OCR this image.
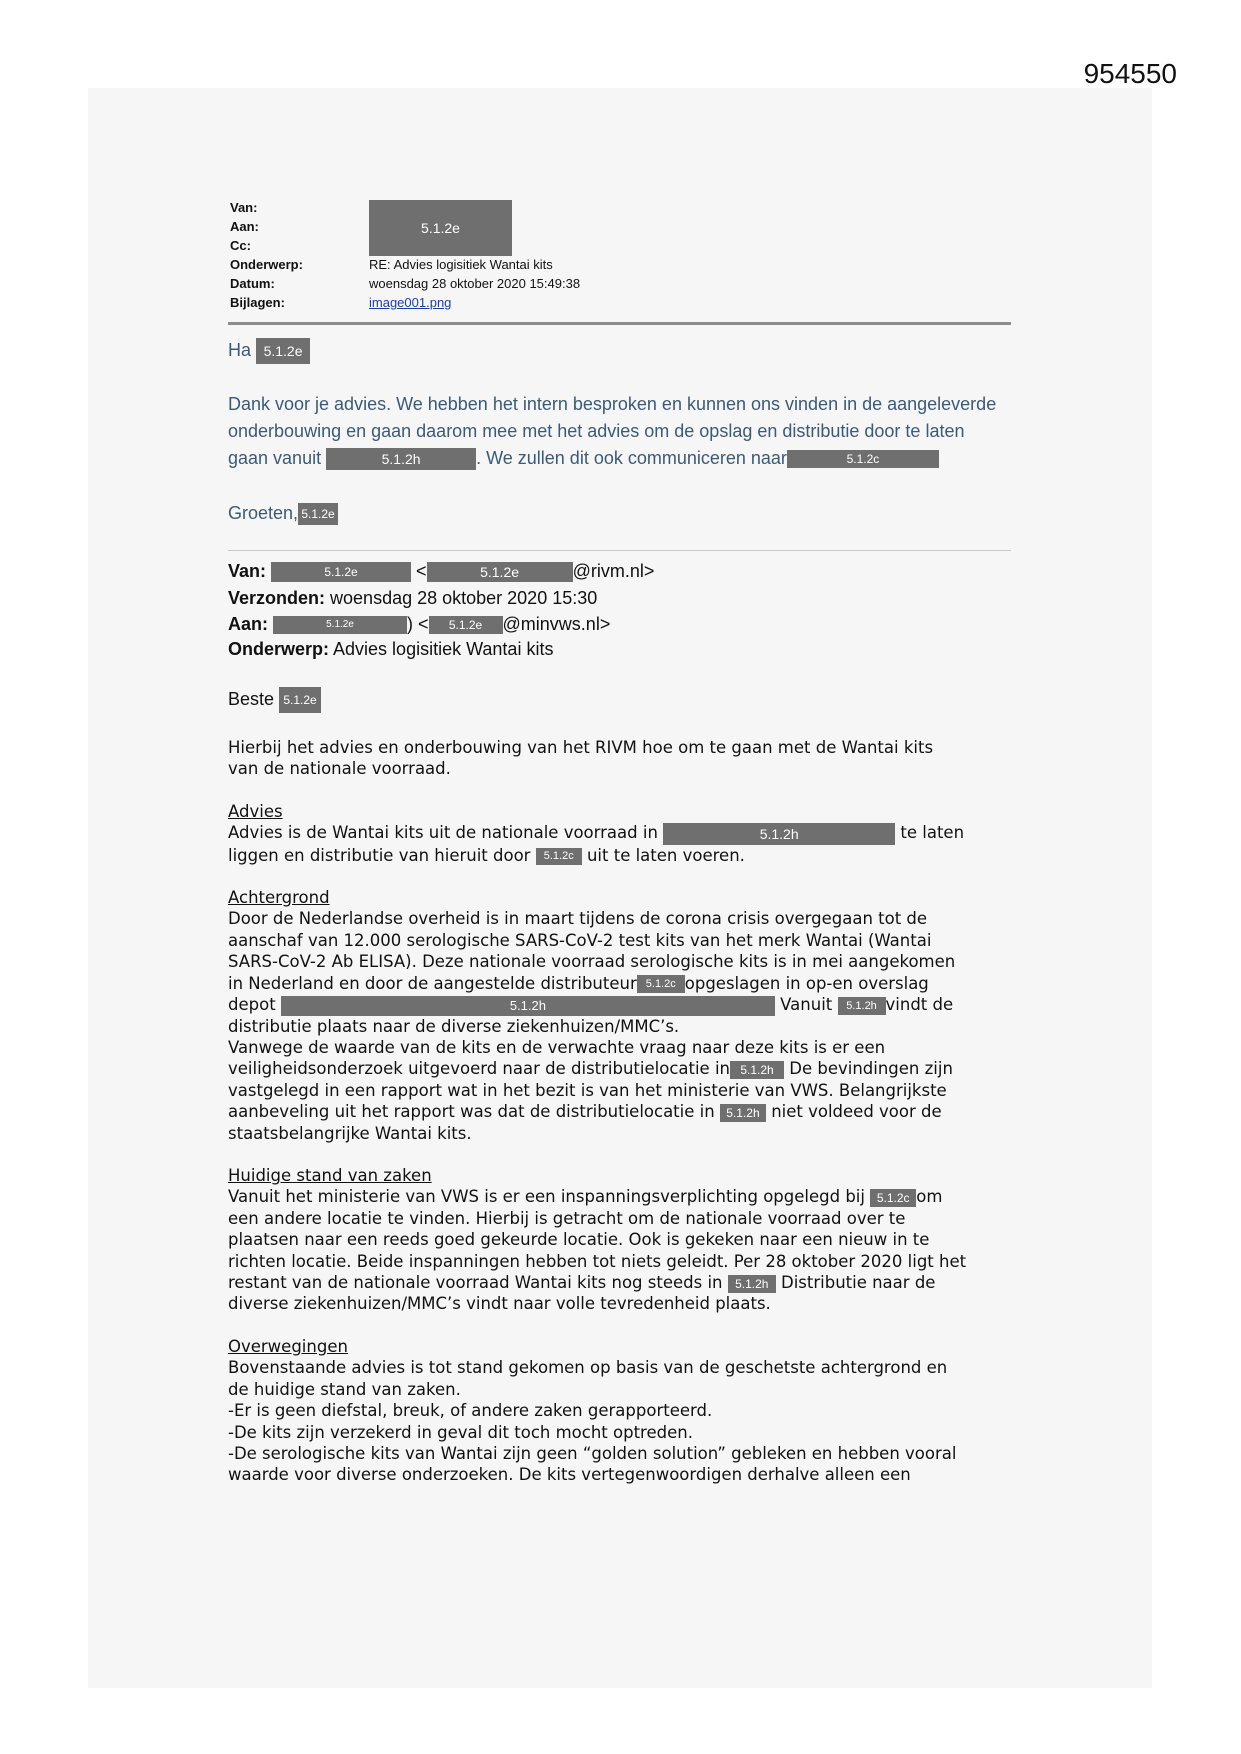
954550
Van:
Aan:
Cc:
Onderwerp:	RE: Advies logisitiek Wantai kits
Datum:	woensdag 28 oktober 2020 15:49:38
Bijlagen:	image001.png
5.1.2e

Ha 5.1.2e

Dank voor je advies. We hebben het intern besproken en kunnen ons vinden in de aangeleverde

onderbouwing en gaan daarom mee met het advies om de opslag en distributie door te laten

gaan vanuit	5.1.2h	. We zullen dit ook communiceren naar	5.1.2c

Groeten, 5.1.2e

Van:	5.1.2e	<	5.1.2e	@rivm.nl>
Verzonden: woensdag 28 oktober 2020 15:30
Aan:	5.1.2e	) < 5.1.2e @minvws.nl>
Onderwerp: Advies logisitiek Wantai kits
Beste 5.1.2e

Hierbij het advies en onderbouwing van het RIVM hoe om te gaan met de Wantai kits

van de nationale voorraad.

Advies

Advies is de Wantai kits uit de nationale voorraad in	5.1.2h	te laten

liggen en distributie van hieruit door 5.1.2c uit te laten voeren.

Achtergrond

Door de Nederlandse overheid is in maart tijdens de corona crisis overgegaan tot de

aanschaf van 12.000 serologische SARS-CoV-2 test kits van het merk Wantai (Wantai

SARS-CoV-2 Ab ELISA). Deze nationale voorraad serologische kits is in mei aangekomen

in Nederland en door de aangestelde distributeur 5.1.2c opgeslagen in op-en overslag

depot	5.1.2h	Vanuit 5.1.2h vindt de

distributie plaats naar de diverse ziekenhuizen/MMC’s.

Vanwege de waarde van de kits en de verwachte vraag naar deze kits is er een

veiligheidsonderzoek uitgevoerd naar de distributielocatie in 5.1.2h De bevindingen zijn

vastgelegd in een rapport wat in het bezit is van het ministerie van VWS. Belangrijkste

aanbeveling uit het rapport was dat de distributielocatie in 5.1.2h niet voldeed voor de

staatsbelangrijke Wantai kits.

Huidige stand van zaken

Vanuit het ministerie van VWS is er een inspanningsverplichting opgelegd bij 5.1.2c om

een andere locatie te vinden. Hierbij is getracht om de nationale voorraad over te

plaatsen naar een reeds goed gekeurde locatie. Ook is gekeken naar een nieuw in te

richten locatie. Beide inspanningen hebben tot niets geleidt. Per 28 oktober 2020 ligt het

restant van de nationale voorraad Wantai kits nog steeds in 5.1.2h Distributie naar de

diverse ziekenhuizen/MMC’s vindt naar volle tevredenheid plaats.

Overwegingen

Bovenstaande advies is tot stand gekomen op basis van de geschetste achtergrond en

de huidige stand van zaken.

-Er is geen diefstal, breuk, of andere zaken gerapporteerd.

-De kits zijn verzekerd in geval dit toch mocht optreden.

-De serologische kits van Wantai zijn geen “golden solution” gebleken en hebben vooral

waarde voor diverse onderzoeken. De kits vertegenwoordigen derhalve alleen een
